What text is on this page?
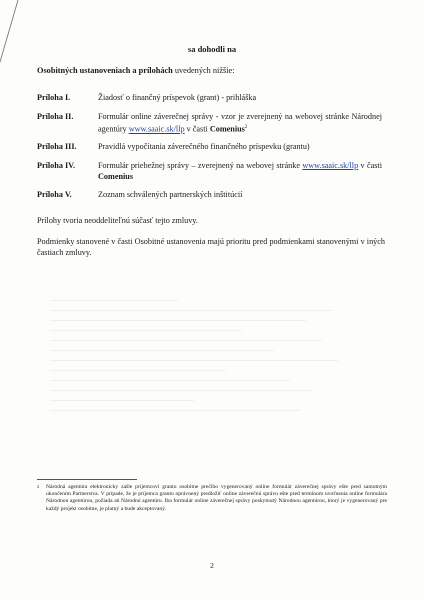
sa dohodli na
Osobitných ustanoveniach a prílohách uvedených nižšie:
Príloha I.	Žiadosť o finančný príspevok (grant) - prihláška
Príloha II.	Formulár online záverečnej správy - vzor je zverejnený na webovej stránke Národnej agentúry www.saaic.sk/llp v časti Comenius$^2$
Príloha III.	Pravidlá vypočítania záverečného finančného príspevku (grantu)
Príloha IV.	Formulár priebežnej správy – zverejnený na webovej stránke www.saaic.sk/llp v časti Comenius
Príloha V.	Zoznam schválených partnerských inštitúcií
Prílohy tvoria neoddeliteľnú súčasť tejto zmluvy.
Podmienky stanovené v časti Osobitné ustanovenia majú prioritu pred podmienkami stanovenými v iných častiach zmluvy.
2 Národná agentúra elektronicky zašle prijemcovi grantu osobitne prečího vygenerovaný online formulár záverečnej správy ešte pred samotným ukončením Partnerstva. V prípade, že je príjemca grantu oprávnený predložiť online záverečnú správu ešte pred termínom uvoľnenia online formulára Národnou agentúrou, požiada ań Národnú agentúru. Iba formulár online záverečnej správy poskytnutý Národnou agentúrou, ktorý je vygenerovaný pre každý projekt osobitne, je platný a bude akceptovaný.
2
